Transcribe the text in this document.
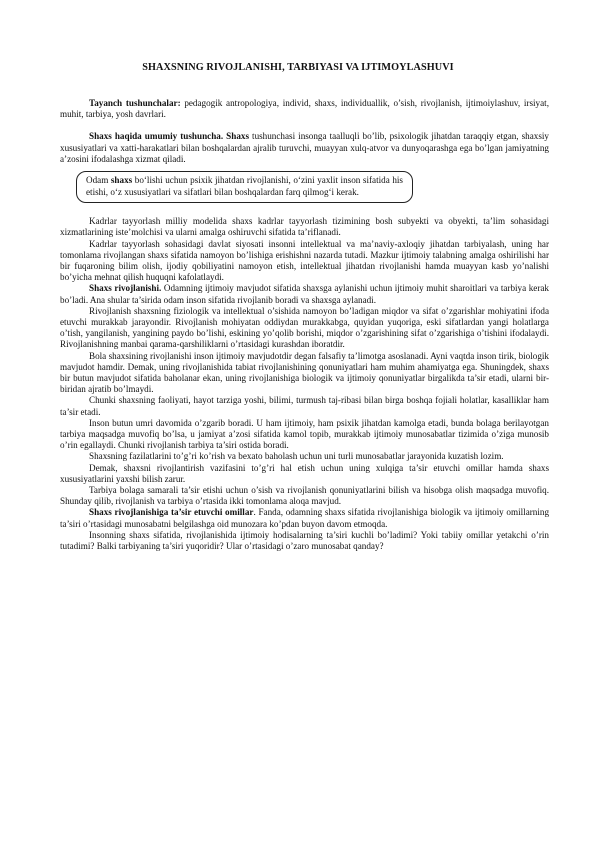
SHAXSNING RIVOJLANISHI, TARBIYASI VA IJTIMOYLASHUVI

Tayanch tushunchalar: pedagogik antropologiya, individ, shaxs, individuallik, o’sish, rivojlanish, ijtimoiylashuv, irsiyat, muhit, tarbiya, yosh davrlari.

Shaxs haqida umumiy tushuncha. Shaxs tushunchasi insonga taalluqli bo’lib, psixologik jihatdan taraqqiy etgan, shaxsiy xususiyatlari va xatti-harakatlari bilan boshqalardan ajralib turuvchi, muayyan xulq-atvor va dunyoqarashga ega bo’lgan jamiyatning a’zosini ifodalashga xizmat qiladi.

Odam shaxs bo‘lishi uchun psixik jihatdan rivojlanishi, o‘zini yaxlit inson sifatida his etishi, o‘z xususiyatlari va sifatlari bilan boshqalardan farq qilmog‘i kerak.

Kadrlar tayyorlash milliy modelida shaxs kadrlar tayyorlash tizimining bosh subyekti va obyekti, ta’lim sohasidagi xizmatlarining iste’molchisi va ularni amalga oshiruvchi sifatida ta’riflanadi.

Kadrlar tayyorlash sohasidagi davlat siyosati insonni intellektual va ma’naviy-axloqiy jihatdan tarbiyalash, uning har tomonlama rivojlangan shaxs sifatida namoyon bo’lishiga erishishni nazarda tutadi. Mazkur ijtimoiy talabning amalga oshirilishi har bir fuqaroning bilim olish, ijodiy qobiliyatini namoyon etish, intellektual jihatdan rivojlanishi hamda muayyan kasb yo’nalishi bo’yicha mehnat qilish huquqni kafolatlaydi.

Shaxs rivojlanishi. Odamning ijtimoiy mavjudot sifatida shaxsga aylanishi uchun ijtimoiy muhit sharoitlari va tarbiya kerak bo’ladi. Ana shular ta’sirida odam inson sifatida rivojlanib boradi va shaxsga aylanadi.

Rivojlanish shaxsning fiziologik va intellektual o’sishida namoyon bo’ladigan miqdor va sifat o’zgarishlar mohiyatini ifoda etuvchi murakkab jarayondir. Rivojlanish mohiyatan oddiydan murakkabga, quyidan yuqoriga, eski sifatlardan yangi holatlarga o’tish, yangilanish, yangining paydo bo’lishi, eskining yo’qolib borishi, miqdor o’zgarishining sifat o’zgarishiga o’tishini ifodalaydi. Rivojlanishning manbai qarama-qarshiliklarni o’rtasidagi kurashdan iboratdir.

Bola shaxsining rivojlanishi inson ijtimoiy mavjudotdir degan falsafiy ta’limotga asoslanadi. Ayni vaqtda inson tirik, biologik mavjudot hamdir. Demak, uning rivojlanishida tabiat rivojlanishining qonuniyatlari ham muhim ahamiyatga ega. Shuningdek, shaxs bir butun mavjudot sifatida baholanar ekan, uning rivojlanishiga biologik va ijtimoiy qonuniyatlar birgalikda ta’sir etadi, ularni bir-biridan ajratib bo’lmaydi.

Chunki shaxsning faoliyati, hayot tarziga yoshi, bilimi, turmush taj-ribasi bilan birga boshqa fojiali holatlar, kasalliklar ham ta’sir etadi.

Inson butun umri davomida o’zgarib boradi. U ham ijtimoiy, ham psixik jihatdan kamolga etadi, bunda bolaga berilayotgan tarbiya maqsadga muvofiq bo’lsa, u jamiyat a’zosi sifatida kamol topib, murakkab ijtimoiy munosabatlar tizimida o’ziga munosib o’rin egallaydi. Chunki rivojlanish tarbiya ta’siri ostida boradi.

Shaxsning fazilatlarini to’g’ri ko’rish va bexato baholash uchun uni turli munosabatlar jarayonida kuzatish lozim.

Demak, shaxsni rivojlantirish vazifasini to’g’ri hal etish uchun uning xulqiga ta’sir etuvchi omillar hamda shaxs xususiyatlarini yaxshi bilish zarur.

Tarbiya bolaga samarali ta’sir etishi uchun o’sish va rivojlanish qonuniyatlarini bilish va hisobga olish maqsadga muvofiq. Shunday qilib, rivojlanish va tarbiya o’rtasida ikki tomonlama aloqa mavjud.

Shaxs rivojlanishiga ta’sir etuvchi omillar. Fanda, odamning shaxs sifatida rivojlanishiga biologik va ijtimoiy omillarning ta’siri o’rtasidagi munosabatni belgilashga oid munozara ko’pdan buyon davom etmoqda.

Insonning shaxs sifatida, rivojlanishida ijtimoiy hodisalarning ta’siri kuchli bo’ladimi? Yoki tabiiy omillar yetakchi o’rin tutadimi? Balki tarbiyaning ta’siri yuqoridir? Ular o’rtasidagi o’zaro munosabat qanday?
